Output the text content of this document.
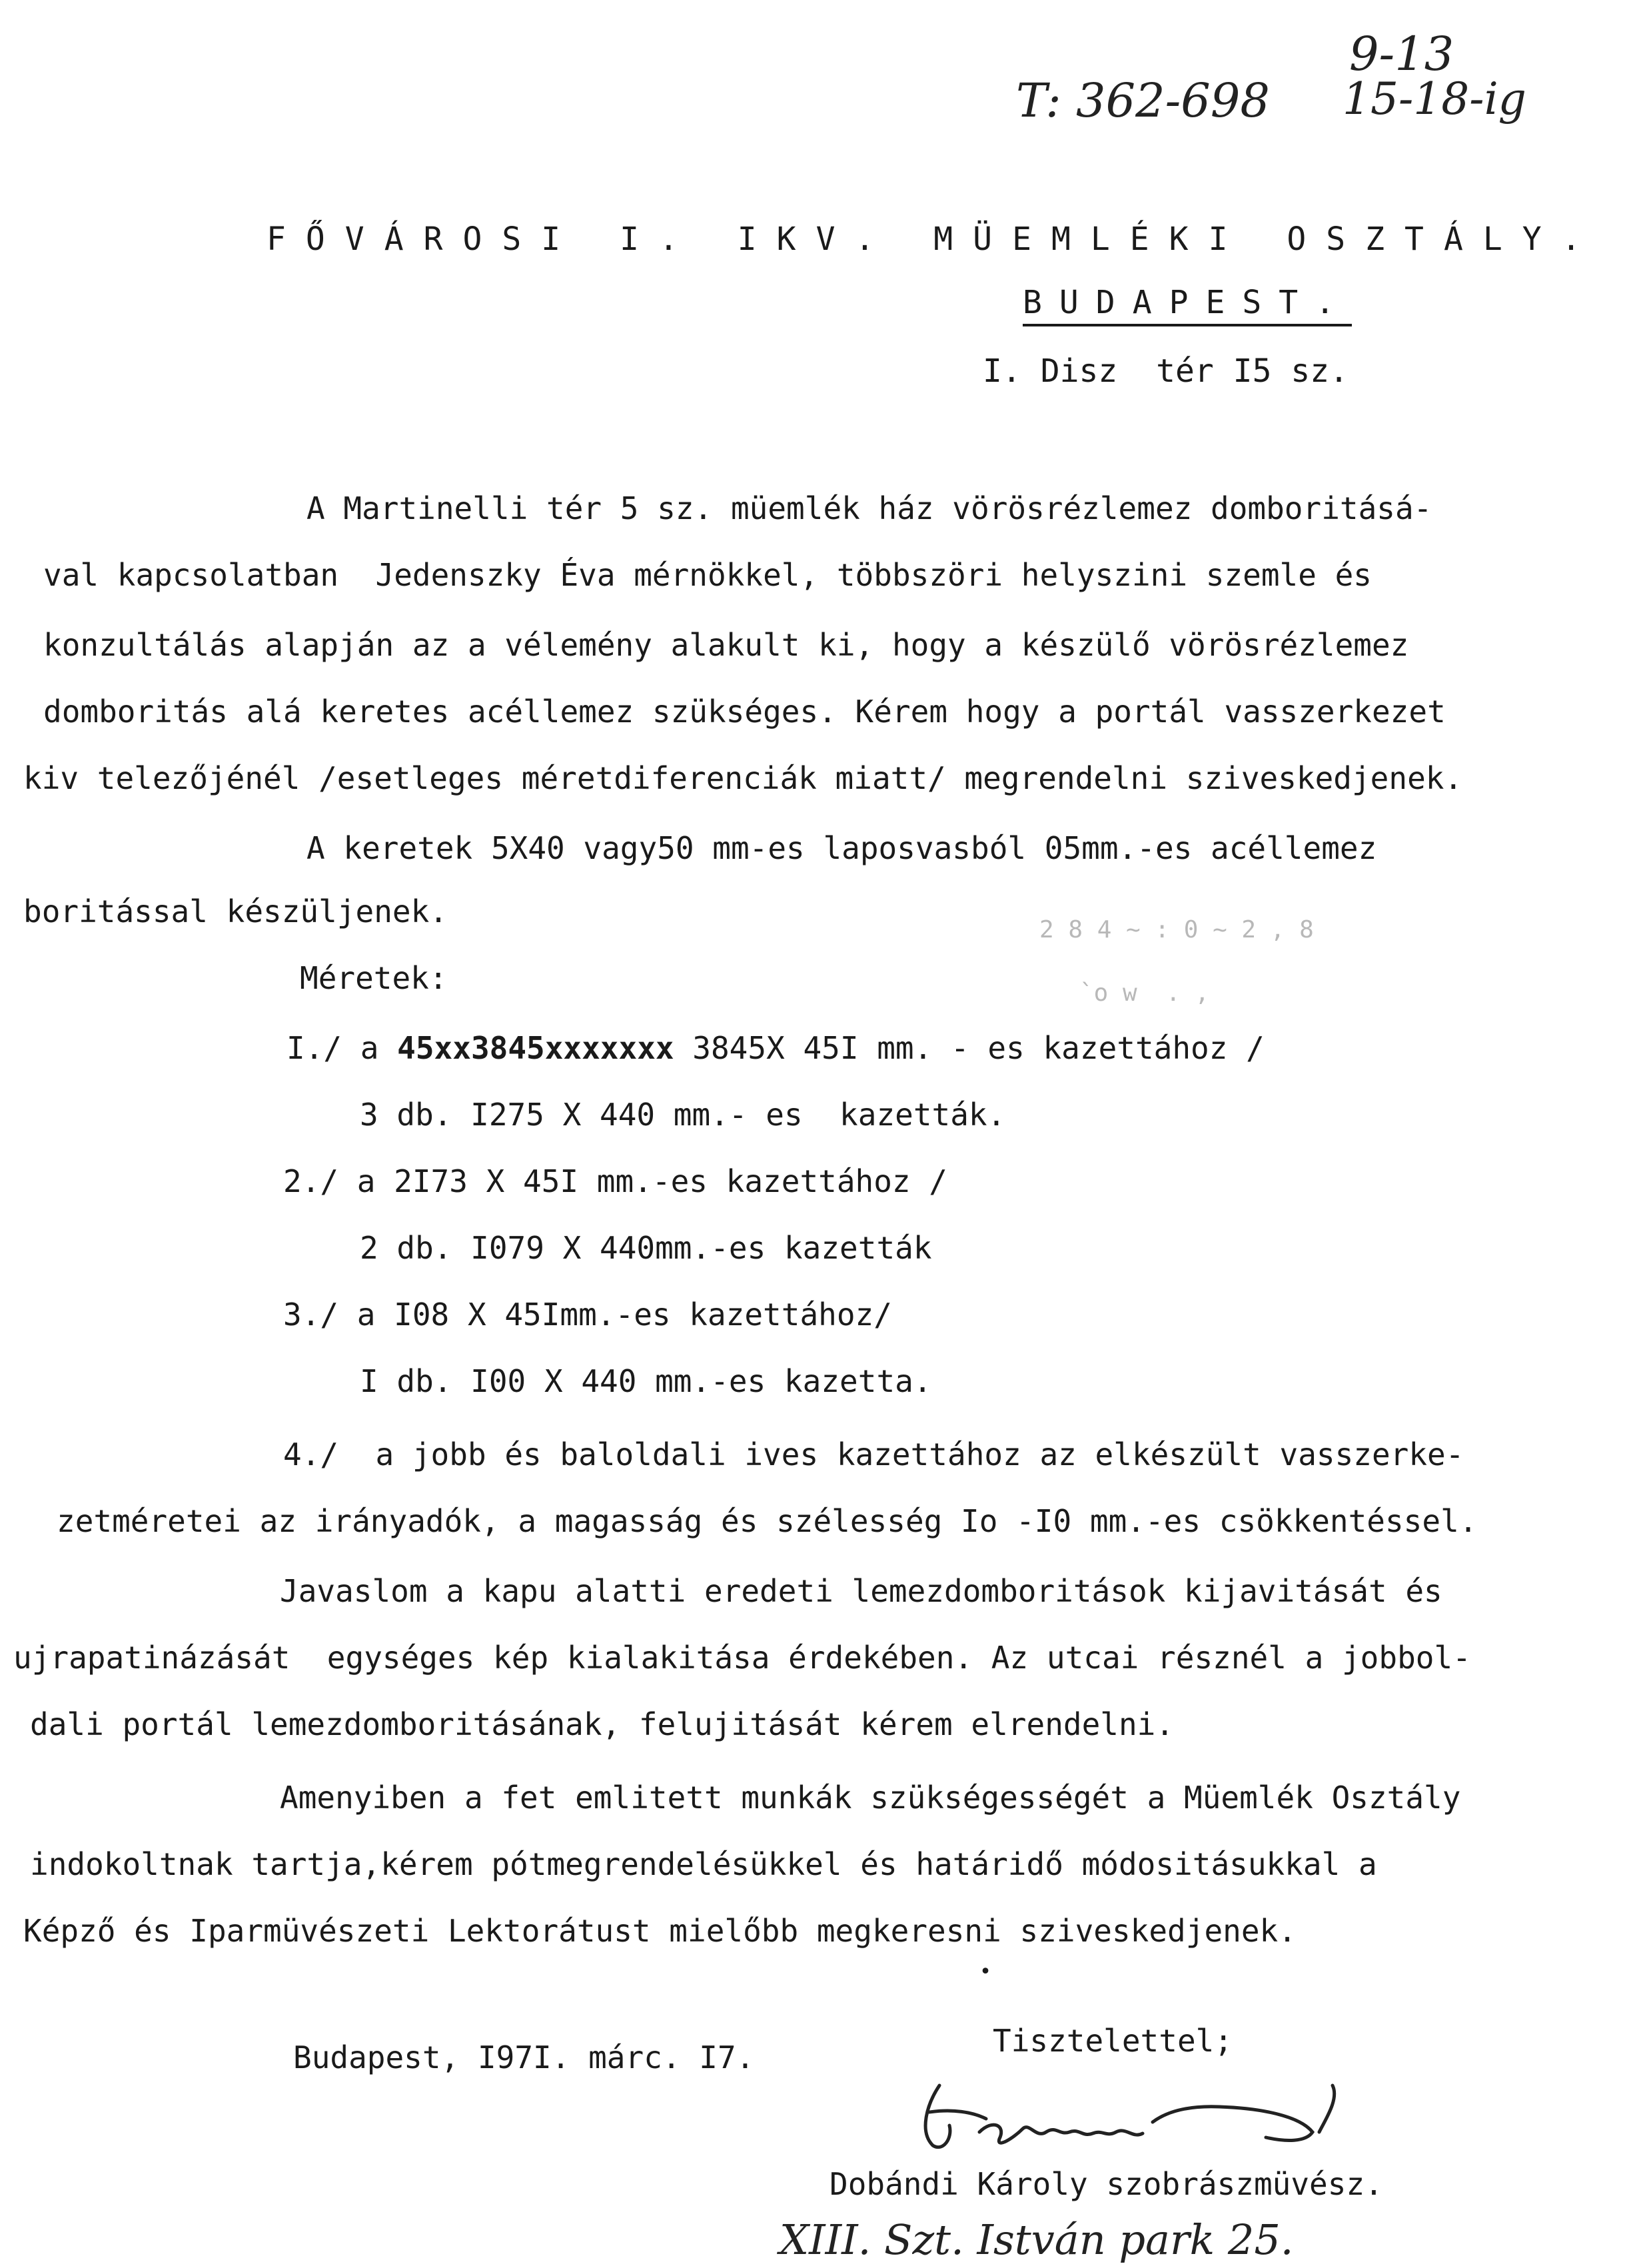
T: 362-698
9-13
15-18-ig
FŐVÁROSI I. IKV. MÜEMLÉKI OSZTÁLY.
BUDAPEST.
I. Disz  tér I5 sz.
A Martinelli tér 5 sz. müemlék ház vörösrézlemez domboritásá-
val kapcsolatban  Jedenszky Éva mérnökkel, többszöri helyszini szemle és
konzultálás alapján az a vélemény alakult ki, hogy a készülő vörösrézlemez
domboritás alá keretes acéllemez szükséges. Kérem hogy a portál vasszerkezet
kiv telezőjénél /esetleges méretdiferenciák miatt/ megrendelni sziveskedjenek.
A keretek 5X40 vagy50 mm-es laposvasból 05mm.-es acéllemez
boritással készüljenek.
2 8 4 ~ : 0 ~ 2 , 8
`o w  . ,
Méretek:
I./ a 45xx3845xxxxxxx 3845X 45I mm. - es kazettához /
3 db. I275 X 440 mm.- es  kazetták.
2./ a 2I73 X 45I mm.-es kazettához /
2 db. I079 X 440mm.-es kazetták
3./ a I08 X 45Imm.-es kazettához/
I db. I00 X 440 mm.-es kazetta.
4./  a jobb és baloldali ives kazettához az elkészült vasszerke-
zetméretei az irányadók, a magasság és szélesség Io -I0 mm.-es csökkentéssel.
Javaslom a kapu alatti eredeti lemezdomboritások kijavitását és
ujrapatinázását  egységes kép kialakitása érdekében. Az utcai résznél a jobbol-
dali portál lemezdomboritásának, felujitását kérem elrendelni.
Amenyiben a fet emlitett munkák szükségességét a Müemlék Osztály
indokoltnak tartja,kérem pótmegrendelésükkel és határidő módositásukkal a
Képző és Iparmüvészeti Lektorátust mielőbb megkeresni sziveskedjenek.
•
Budapest, I97I. márc. I7.	Tisztelettel;
Dobándi Károly szobrászmüvész.
XIII. Szt. István park 25.
